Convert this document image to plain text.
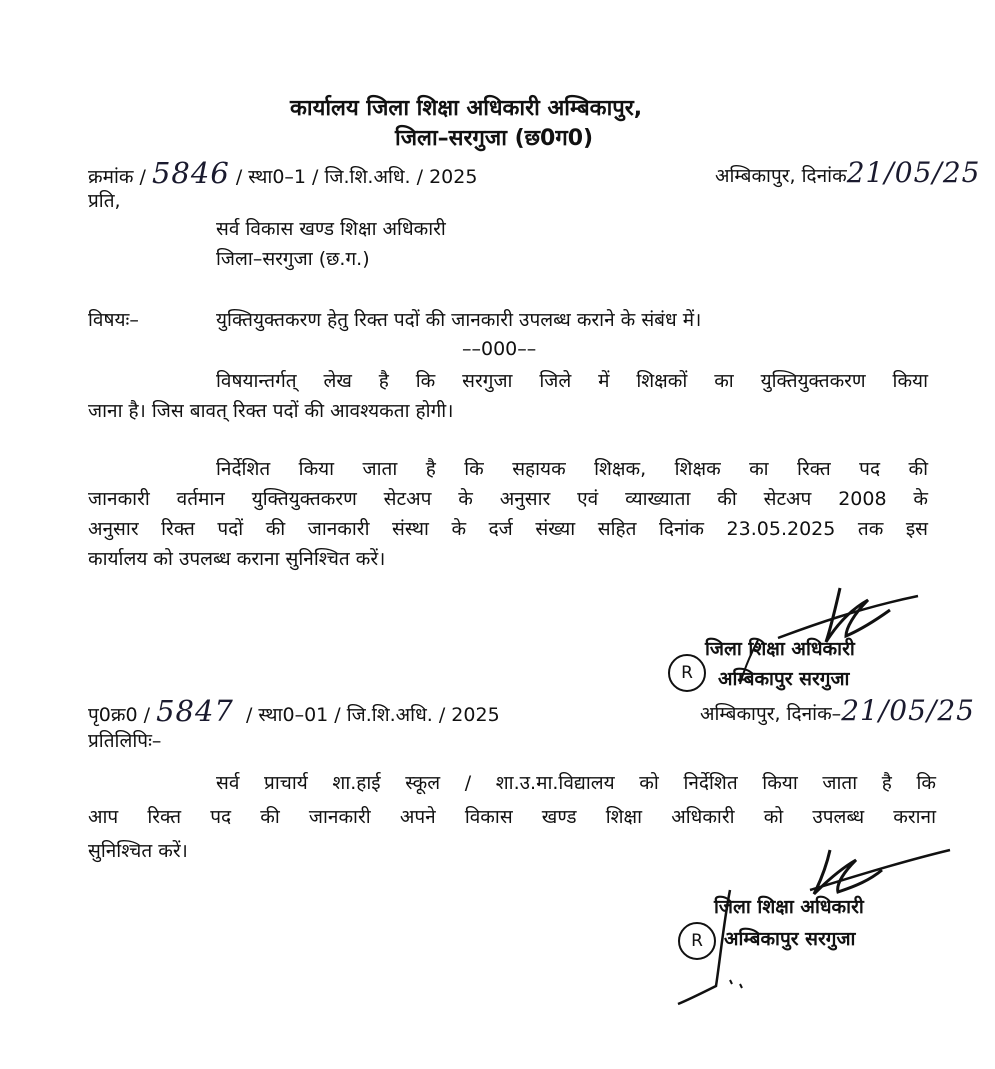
कार्यालय जिला शिक्षा अधिकारी अम्बिकापुर,
जिला–सरगुजा (छ0ग0)
क्रमांक / 5846 / स्था0–1 / जि.शि.अधि. / 2025	अम्बिकापुर, दिनांक21/05/25
प्रति,
सर्व विकास खण्ड शिक्षा अधिकारी
जिला–सरगुजा (छ.ग.)
विषयः–	युक्तियुक्तकरण हेतु रिक्त पदों की जानकारी उपलब्ध कराने के संबंध में।
––000––
विषयान्तर्गत् लेख है कि सरगुजा जिले में शिक्षकों का युक्तियुक्तकरण किया
जाना है। जिस बावत् रिक्त पदों की आवश्यकता होगी।
निर्देशित किया जाता है कि सहायक शिक्षक, शिक्षक का रिक्त पद की
जानकारी वर्तमान युक्तियुक्तकरण सेटअप के अनुसार एवं व्याख्याता की सेटअप 2008 के
अनुसार रिक्त पदों की जानकारी संस्था के दर्ज संख्या सहित दिनांक 23.05.2025 तक इस
कार्यालय को उपलब्ध कराना सुनिश्चित करें।
जिला शिक्षा अधिकारी
R	अम्बिकापुर सरगुजा
पृ0क्र0 / 5847 / स्था0–01 / जि.शि.अधि. / 2025	अम्बिकापुर, दिनांक–21/05/25
प्रतिलिपिः–
सर्व प्राचार्य शा.हाई स्कूल / शा.उ.मा.विद्यालय को निर्देशित किया जाता है कि
आप रिक्त पद की जानकारी अपने विकास खण्ड शिक्षा अधिकारी को उपलब्ध कराना
सुनिश्चित करें।
जिला शिक्षा अधिकारी
R	अम्बिकापुर सरगुजा
